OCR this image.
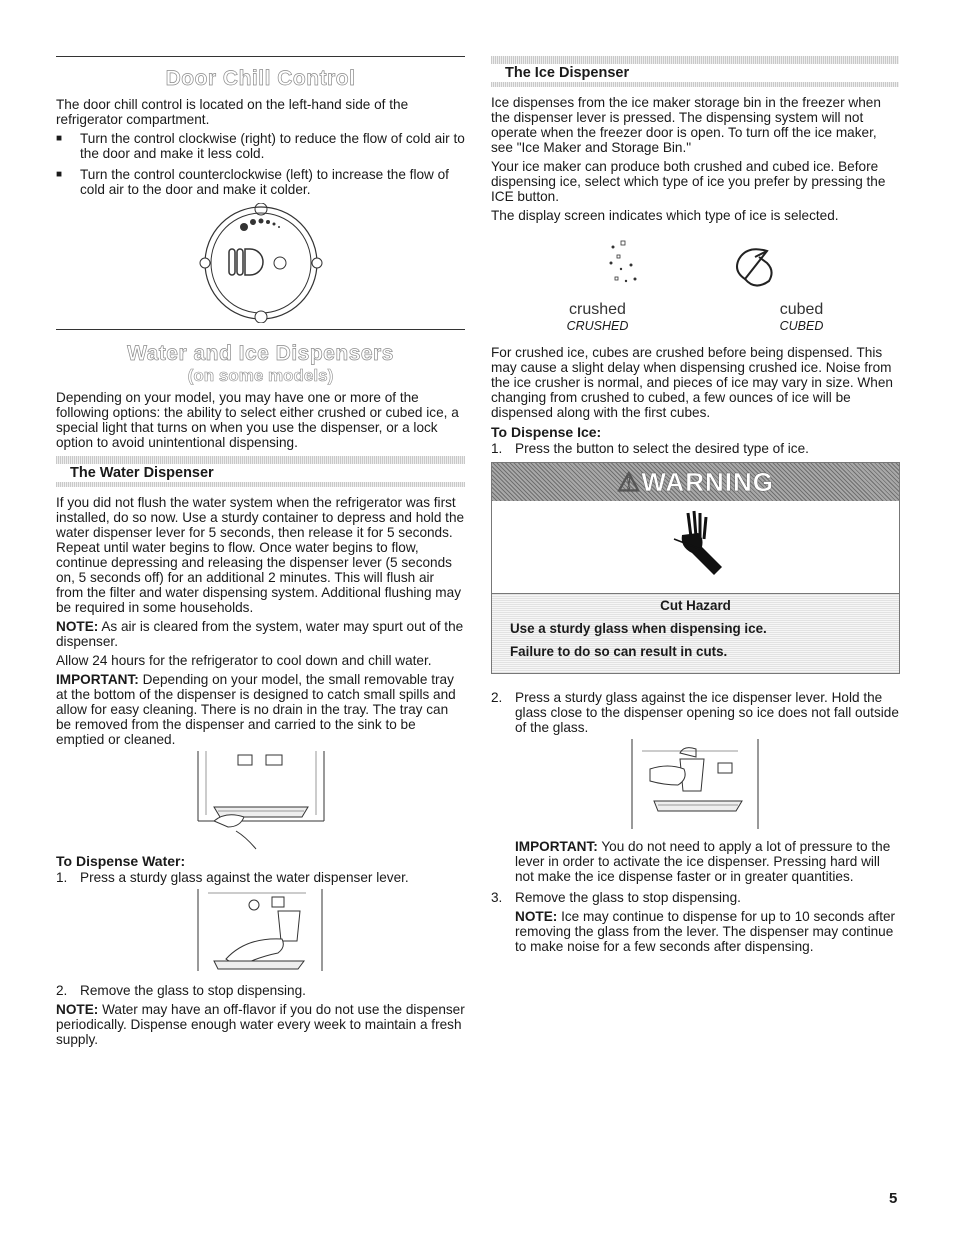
Door Chill Control

The door chill control is located on the left-hand side of the refrigerator compartment.

■ Turn the control clockwise (right) to reduce the flow of cold air to the door and make it less cold.
■ Turn the control counterclockwise (left) to increase the flow of cold air to the door and make it colder.
Water and Ice Dispensers
(on some models)

Depending on your model, you may have one or more of the following options: the ability to select either crushed or cubed ice, a special light that turns on when you use the dispenser, or a lock option to avoid unintentional dispensing.

The Water Dispenser

If you did not flush the water system when the refrigerator was first installed, do so now. Use a sturdy container to depress and hold the water dispenser lever for 5 seconds, then release it for 5 seconds. Repeat until water begins to flow. Once water begins to flow, continue depressing and releasing the dispenser lever (5 seconds on, 5 seconds off) for an additional 2 minutes. This will flush air from the filter and water dispensing system. Additional flushing may be required in some households.

NOTE: As air is cleared from the system, water may spurt out of the dispenser.

Allow 24 hours for the refrigerator to cool down and chill water.

IMPORTANT: Depending on your model, the small removable tray at the bottom of the dispenser is designed to catch small spills and allow for easy cleaning. There is no drain in the tray. The tray can be removed from the dispenser and carried to the sink to be emptied or cleaned.

To Dispense Water:
1. Press a sturdy glass against the water dispenser lever.
2. Remove the glass to stop dispensing.

NOTE: Water may have an off-flavor if you do not use the dispenser periodically. Dispense enough water every week to maintain a fresh supply.

The Ice Dispenser

Ice dispenses from the ice maker storage bin in the freezer when the dispenser lever is pressed. The dispensing system will not operate when the freezer door is open. To turn off the ice maker, see "Ice Maker and Storage Bin."

Your ice maker can produce both crushed and cubed ice. Before dispensing ice, select which type of ice you prefer by pressing the ICE button.

The display screen indicates which type of ice is selected.

crushed
CRUSHED
cubed
CUBED

For crushed ice, cubes are crushed before being dispensed. This may cause a slight delay when dispensing crushed ice. Noise from the ice crusher is normal, and pieces of ice may vary in size. When changing from crushed to cubed, a few ounces of ice will be dispensed along with the first cubes.

To Dispense Ice:
1. Press the button to select the desired type of ice.
⚠WARNING
Cut Hazard

Use a sturdy glass when dispensing ice.

Failure to do so can result in cuts.

2. Press a sturdy glass against the ice dispenser lever. Hold the glass close to the dispenser opening so ice does not fall outside of the glass.

IMPORTANT: You do not need to apply a lot of pressure to the lever in order to activate the ice dispenser. Pressing hard will not make the ice dispense faster or in greater quantities.

3. Remove the glass to stop dispensing.

NOTE: Ice may continue to dispense for up to 10 seconds after removing the glass from the lever. The dispenser may continue to make noise for a few seconds after dispensing.

5
